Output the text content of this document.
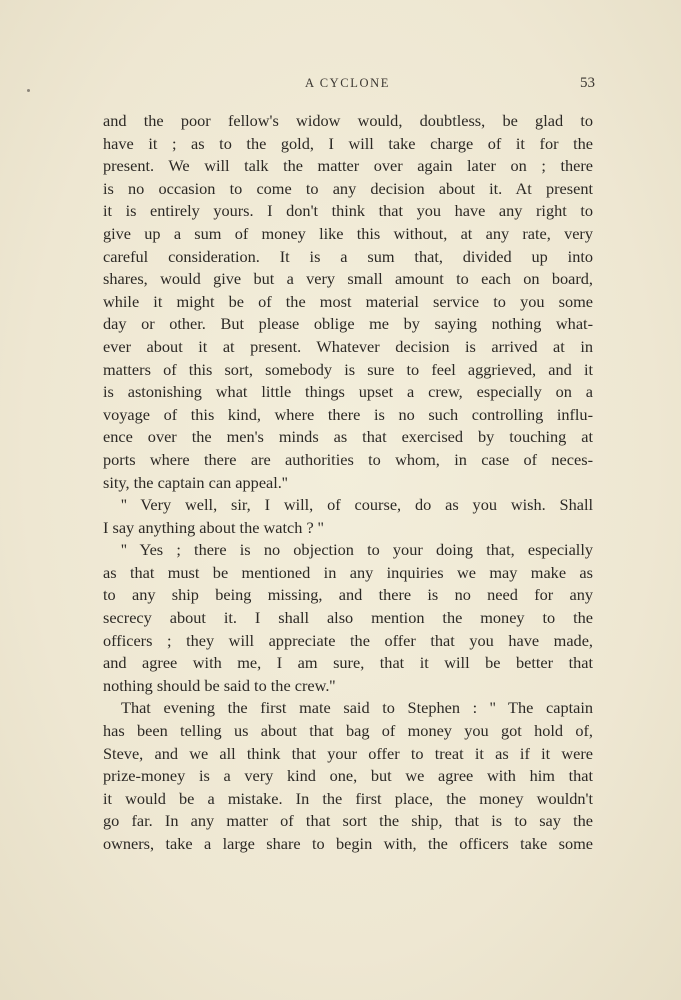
A CYCLONE	53
and the poor fellow's widow would, doubtless, be glad to
have it ; as to the gold, I will take charge of it for the
present. We will talk the matter over again later on ; there
is no occasion to come to any decision about it. At present
it is entirely yours. I don't think that you have any right to
give up a sum of money like this without, at any rate, very
careful consideration. It is a sum that, divided up into
shares, would give but a very small amount to each on board,
while it might be of the most material service to you some
day or other. But please oblige me by saying nothing what-
ever about it at present. Whatever decision is arrived at in
matters of this sort, somebody is sure to feel aggrieved, and it
is astonishing what little things upset a crew, especially on a
voyage of this kind, where there is no such controlling influ-
ence over the men's minds as that exercised by touching at
ports where there are authorities to whom, in case of neces-
sity, the captain can appeal.''
'' Very well, sir, I will, of course, do as you wish. Shall
I say anything about the watch ? ''
'' Yes ; there is no objection to your doing that, especially
as that must be mentioned in any inquiries we may make as
to any ship being missing, and there is no need for any
secrecy about it. I shall also mention the money to the
officers ; they will appreciate the offer that you have made,
and agree with me, I am sure, that it will be better that
nothing should be said to the crew.''
That evening the first mate said to Stephen : '' The captain
has been telling us about that bag of money you got hold of,
Steve, and we all think that your offer to treat it as if it were
prize-money is a very kind one, but we agree with him that
it would be a mistake. In the first place, the money wouldn't
go far. In any matter of that sort the ship, that is to say the
owners, take a large share to begin with, the officers take some
